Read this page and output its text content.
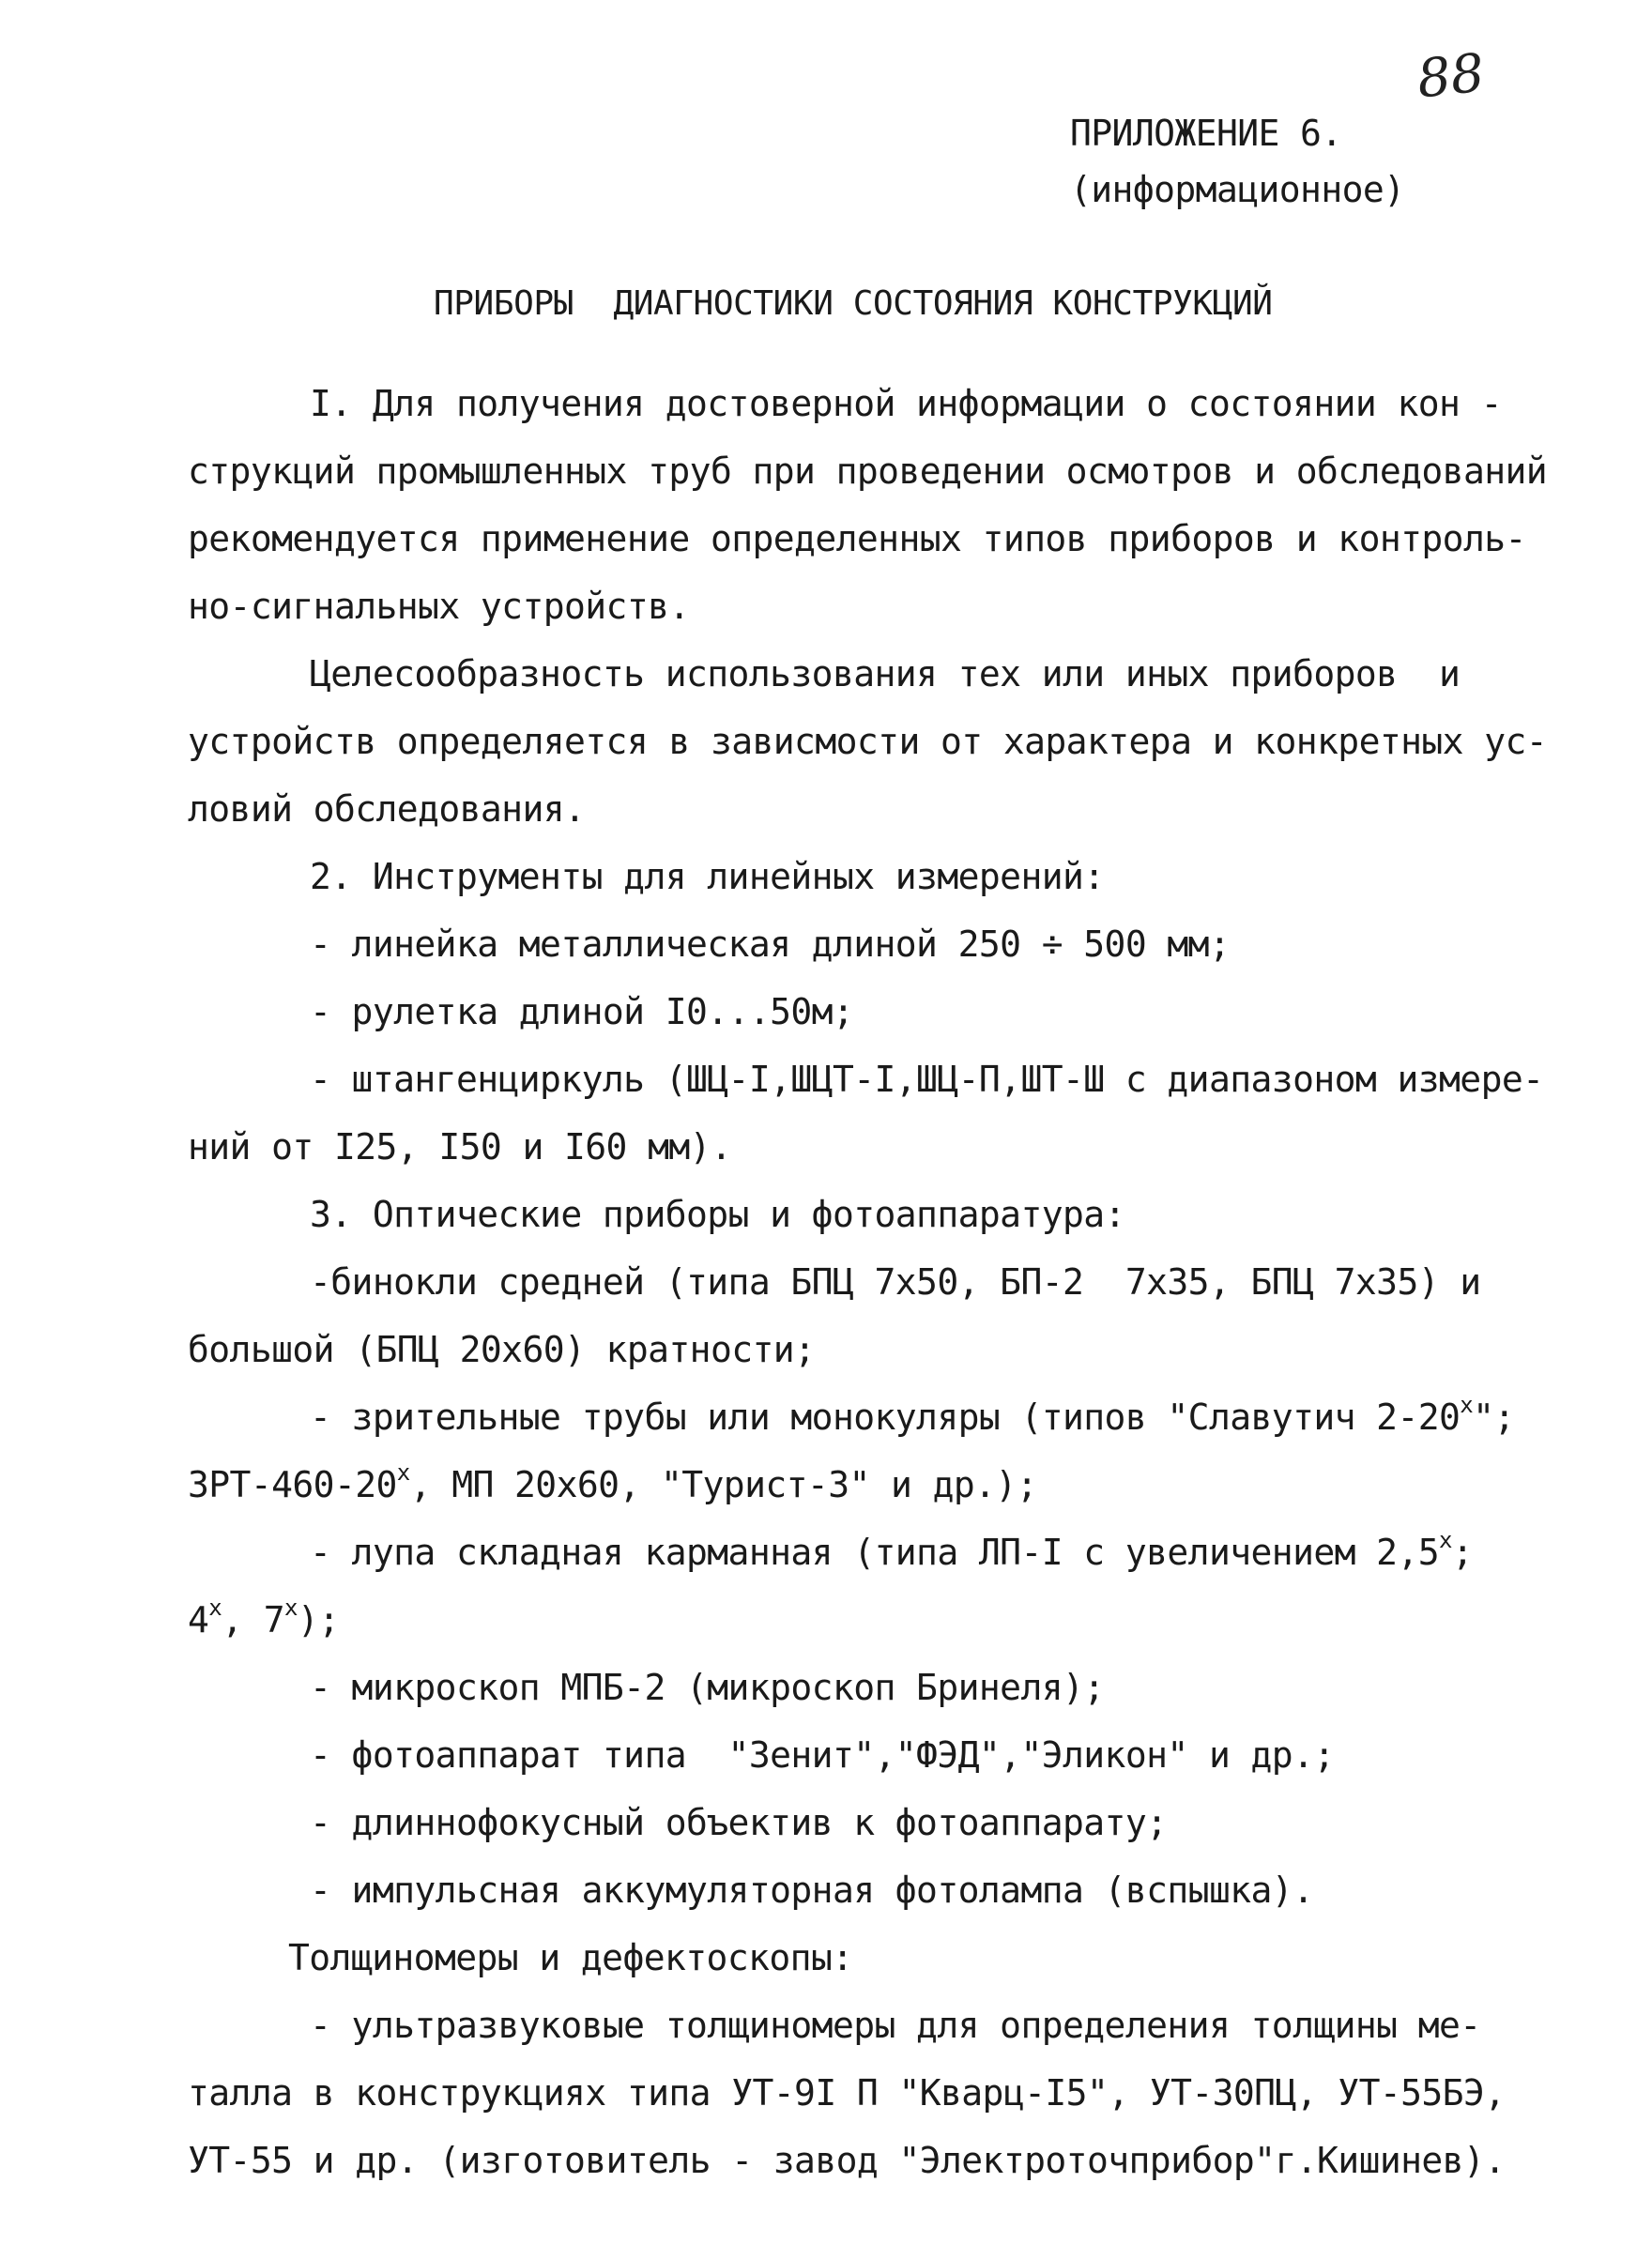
88
ПРИЛОЖЕНИЕ 6.
(информационное)
ПРИБОРЫ  ДИАГНОСТИКИ СОСТОЯНИЯ КОНСТРУКЦИЙ
I. Для получения достоверной информации о состоянии кон -
струкций промышленных труб при проведении осмотров и обследований
рекомендуется применение определенных типов приборов и контроль-
но-сигнальных устройств.
Целесообразность использования тех или иных приборов  и
устройств определяется в зависмости от характера и конкретных ус-
ловий обследования.
2. Инструменты для линейных измерений:
- линейка металлическая длиной 250 ÷ 500 мм;
- рулетка длиной I0...50м;
- штангенциркуль (ШЦ-I,ШЦТ-I,ШЦ-П,ШТ-Ш с диапазоном измере-
ний от I25, I50 и I60 мм).
3. Оптические приборы и фотоаппаратура:
-бинокли средней (типа БПЦ 7х50, БП-2  7х35, БПЦ 7х35) и
большой (БПЦ 20х60) кратности;
- зрительные трубы или монокуляры (типов "Славутич $2-20^х$";
ЗРТ-$460-20^х$, МП 20х60, "Турист-3" и др.);
- лупа складная карманная (типа ЛП-I с увеличением $2,5^х$;
$4^х$, $7^х$);
- микроскоп МПБ-2 (микроскоп Бринеля);
- фотоаппарат типа  "Зенит","ФЭД","Эликон" и др.;
- длиннофокусный объектив к фотоаппарату;
- импульсная аккумуляторная фотолампа (вспышка).
Толщиномеры и дефектоскопы:
- ультразвуковые толщиномеры для определения толщины ме-
талла в конструкциях типа УТ-9I П "Кварц-I5", УТ-30ПЦ, УТ-55БЭ,
УТ-55 и др. (изготовитель - завод "Электроточприбор"г.Кишинев).
